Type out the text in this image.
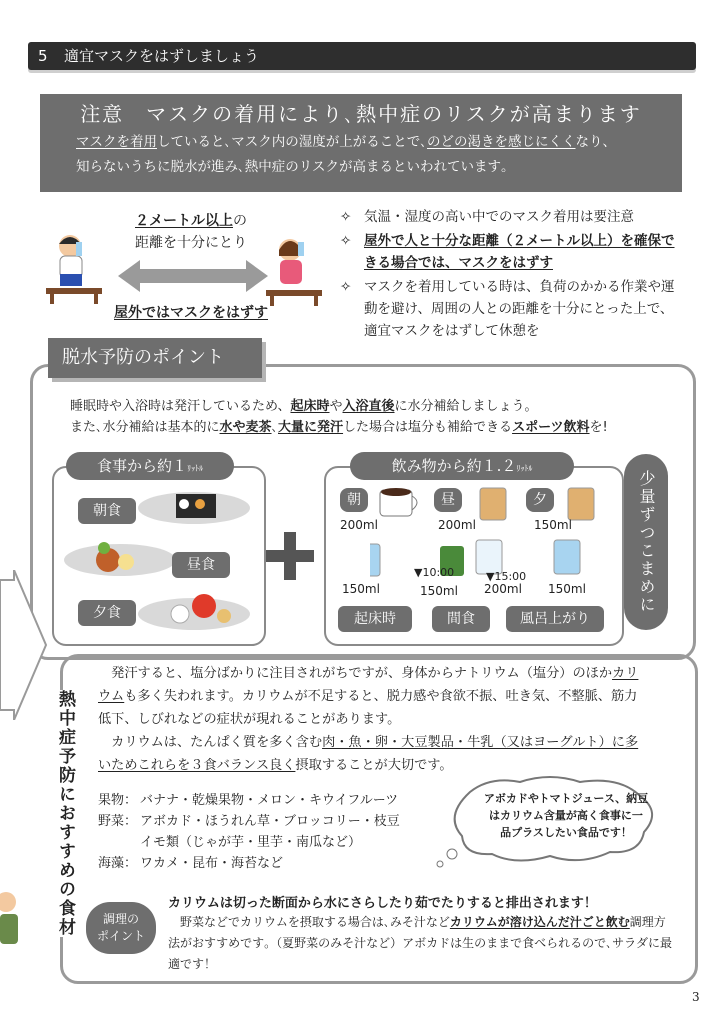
5 適宜マスクをはずしましょう
注意　マスクの着用により､熱中症のリスクが高まります
マスクを着用していると､マスク内の湿度が上がることで､のどの渇きを感じにくくなり、
知らないうちに脱水が進み､熱中症のリスクが高まるといわれています｡
２メートル以上の
距離を十分にとり
屋外ではマスクをはずす
✧ 気温・湿度の高い中でのマスク着用は要注意
✧ 屋外で人と十分な距離（２メートル以上）を確保できる場合では、マスクをはずす
✧ マスクを着用している時は、負荷のかかる作業や運動を避け、周囲の人との距離を十分にとった上で、適宜マスクをはずして休憩を
脱水予防のポイント
睡眠時や入浴時は発汗しているため、起床時や入浴直後に水分補給しましょう。
また､水分補給は基本的に水や麦茶､大量に発汗した場合は塩分も補給できるスポーツ飲料を!
食事から約１ﾘｯﾄﾙ
朝食
昼食
夕食
飲み物から約１.２ﾘｯﾄﾙ
朝	昼	夕
200ml	200ml	150ml
150ml
▼10:00
150ml
▼15:00
200ml 150ml
起床時	間食	風呂上がり
少量ずつこまめに
熱中症予防におすすめの食材
　発汗すると、塩分ばかりに注目されがちですが、身体からナトリウム（塩分）のほかカリウムも多く失われます。カリウムが不足すると、脱力感や食欲不振、吐き気、不整脈、筋力低下、しびれなどの症状が現れることがあります。
　カリウムは、たんぱく質を多く含む肉・魚・卵・大豆製品・牛乳（又はヨーグルト）に多いためこれらを３食バランス良く摂取することが大切です。
果物： バナナ・乾燥果物・メロン・キウイフルーツ
野菜： アボカド・ほうれん草・ブロッコリー・枝豆
イモ類（じゃが芋・里芋・南瓜など）
海藻： ワカメ・昆布・海苔など
アボカドやトマトジュース、納豆
はカリウム含量が高く食事に一
品プラスしたい食品です！
調理の
ポイント
カリウムは切った断面から水にさらしたり茹でたりすると排出されます！
　野菜などでカリウムを摂取する場合は､みそ汁などカリウムが溶け込んだ汁ごと飲む調理方法がおすすめです｡（夏野菜のみそ汁など）アボカドは生のままで食べられるので､サラダに最適です！
3
